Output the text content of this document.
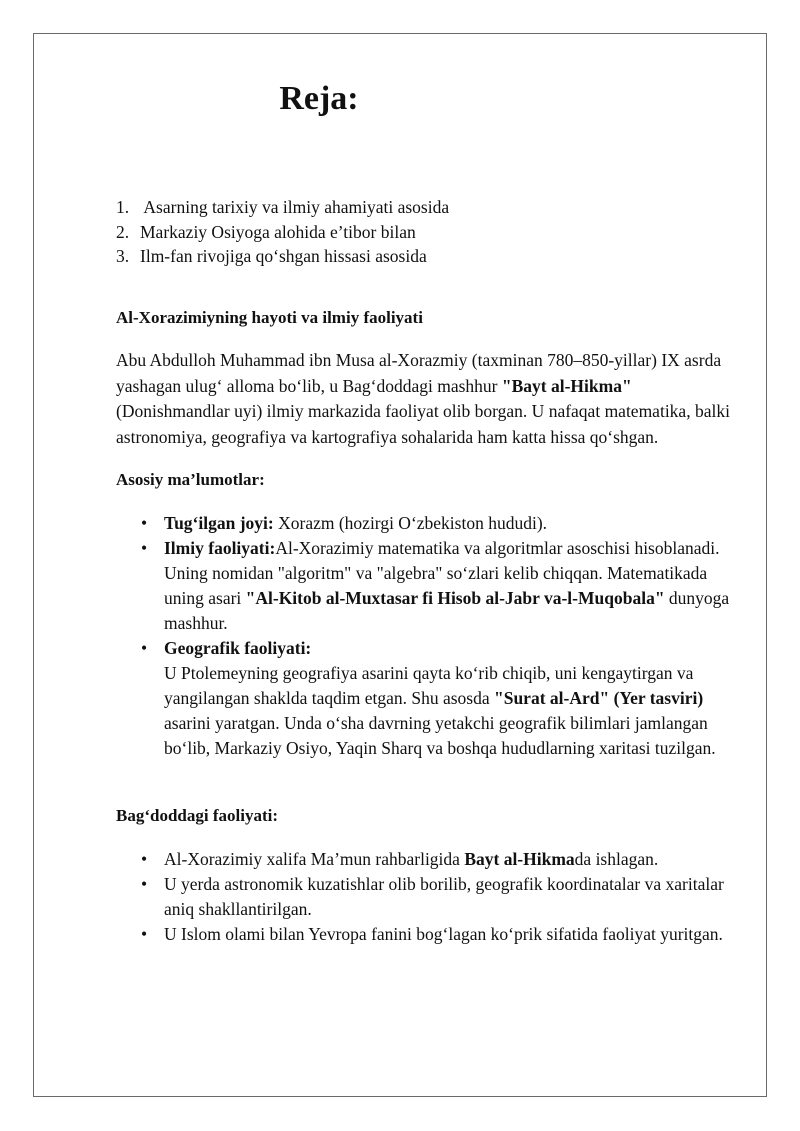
Reja:
1. Asarning tarixiy va ilmiy ahamiyati asosida
2. Markaziy Osiyoga alohida e’tibor bilan
3. Ilm-fan rivojiga qo‘shgan hissasi asosida
Al-Xorazimiyning hayoti va ilmiy faoliyati

Abu Abdulloh Muhammad ibn Musa al-Xorazmiy (taxminan 780–850-yillar) IX asrda yashagan ulug‘ alloma bo‘lib, u Bag‘doddagi mashhur "Bayt al-Hikma" (Donishmandlar uyi) ilmiy markazida faoliyat olib borgan. U nafaqat matematika, balki astronomiya, geografiya va kartografiya sohalarida ham katta hissa qo‘shgan.

Asosiy ma’lumotlar:
• Tug‘ilgan joyi: Xorazm (hozirgi O‘zbekiston hududi).
• Ilmiy faoliyati:Al-Xorazimiy matematika va algoritmlar asoschisi hisoblanadi. Uning nomidan "algoritm" va "algebra" so‘zlari kelib chiqqan. Matematikada uning asari "Al-Kitob al-Muxtasar fi Hisob al-Jabr va-l-Muqobala" dunyoga mashhur.
• Geografik faoliyati:
U Ptolemeyning geografiya asarini qayta ko‘rib chiqib, uni kengaytirgan va yangilangan shaklda taqdim etgan. Shu asosda "Surat al-Ard" (Yer tasviri) asarini yaratgan. Unda o‘sha davrning yetakchi geografik bilimlari jamlangan bo‘lib, Markaziy Osiyo, Yaqin Sharq va boshqa hududlarning xaritasi tuzilgan.
Bag‘doddagi faoliyati:
• Al-Xorazimiy xalifa Ma’mun rahbarligida Bayt al-Hikmada ishlagan.
• U yerda astronomik kuzatishlar olib borilib, geografik koordinatalar va xaritalar aniq shakllantirilgan.
• U Islom olami bilan Yevropa fanini bog‘lagan ko‘prik sifatida faoliyat yuritgan.
